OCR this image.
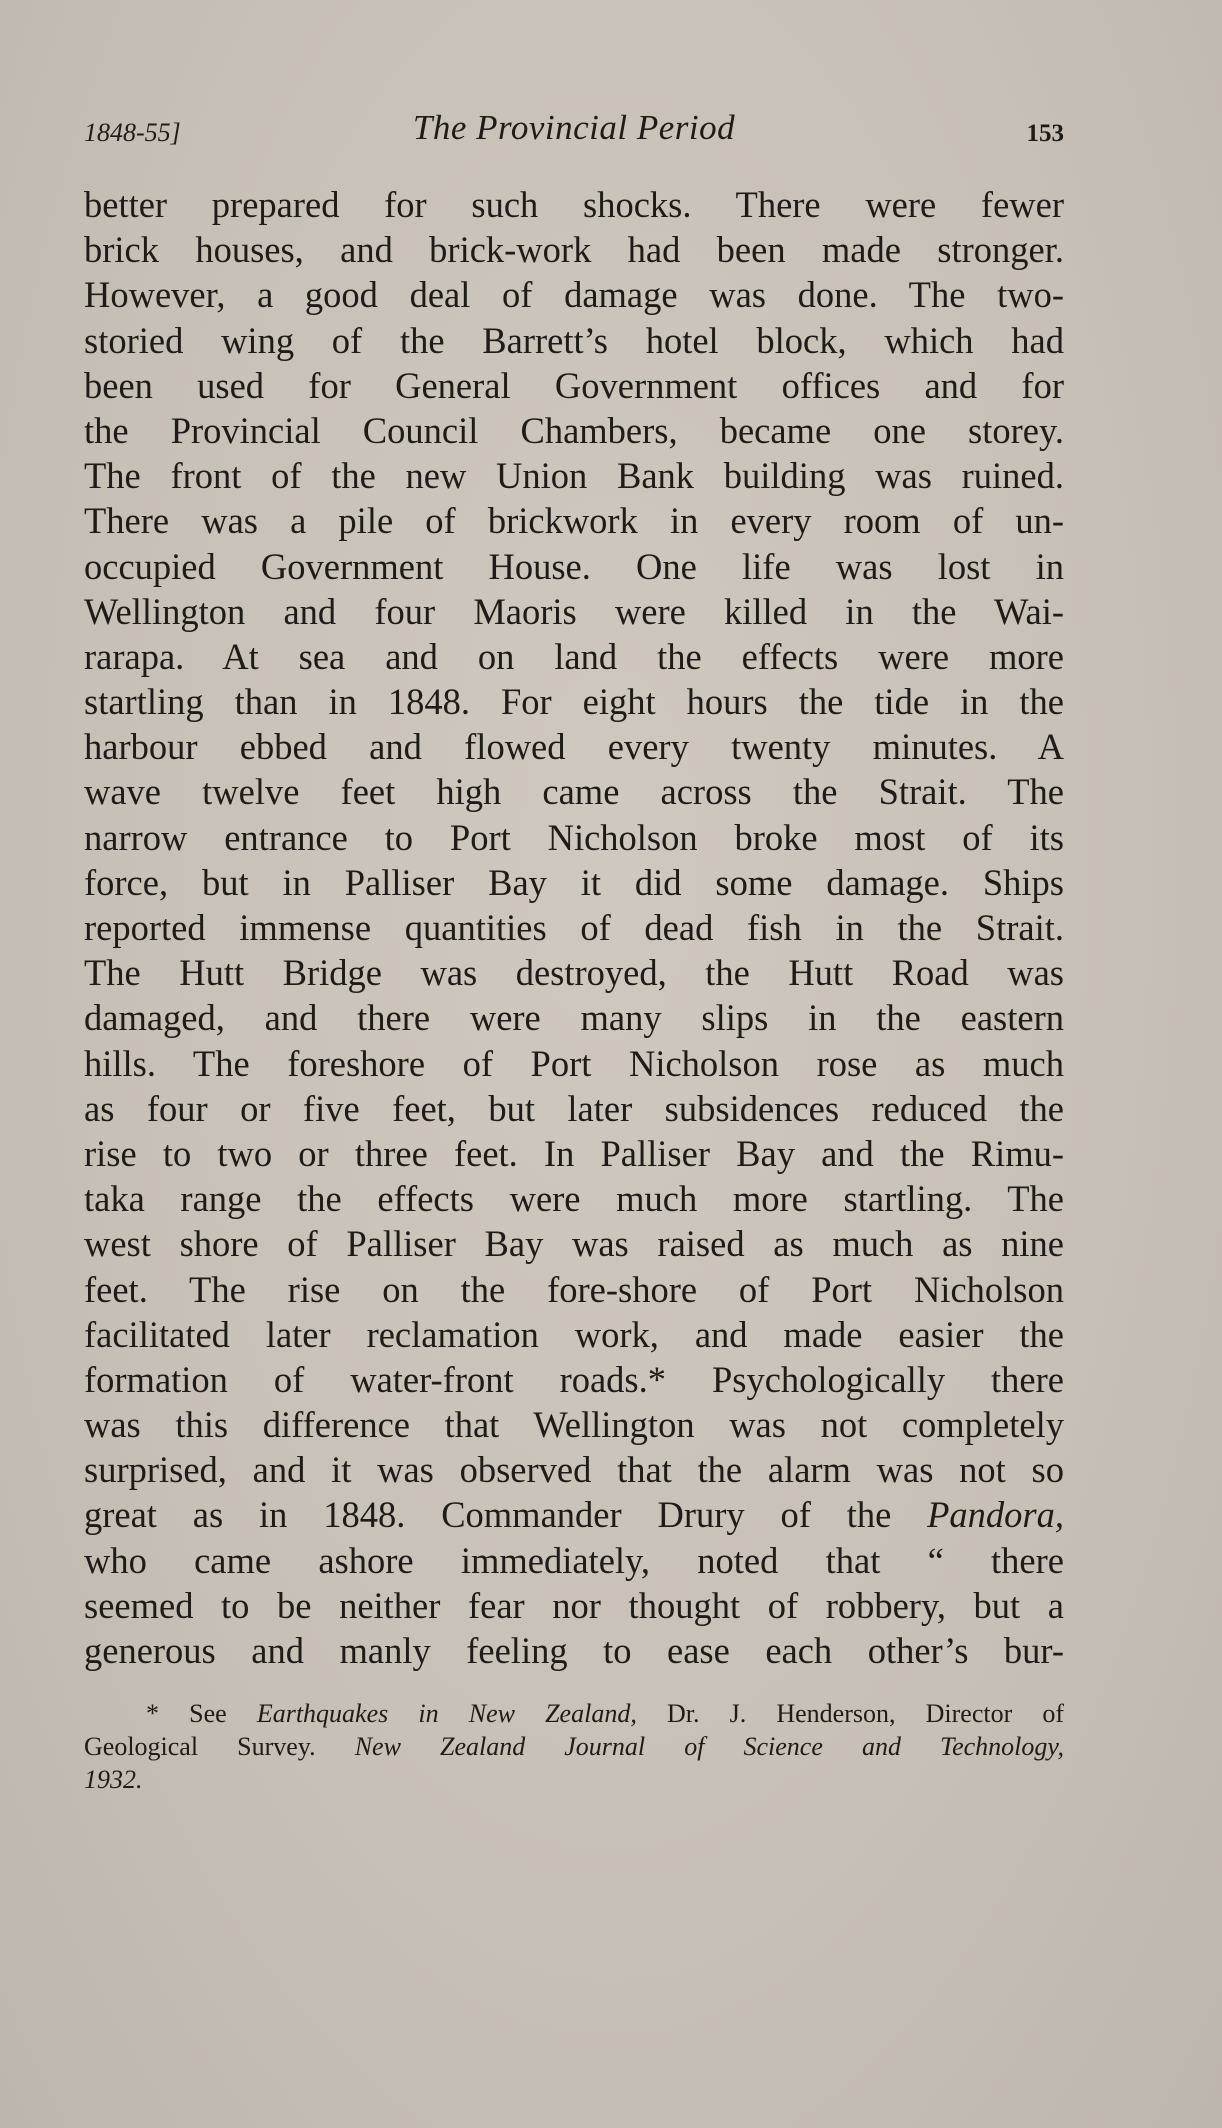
1848-55]	The Provincial Period	153
better prepared for such shocks. There were fewer
brick houses, and brick-work had been made stronger.
However, a good deal of damage was done. The two-
storied wing of the Barrett’s hotel block, which had
been used for General Government offices and for
the Provincial Council Chambers, became one storey.
The front of the new Union Bank building was ruined.
There was a pile of brickwork in every room of un-
occupied Government House. One life was lost in
Wellington and four Maoris were killed in the Wai-
rarapa. At sea and on land the effects were more
startling than in 1848. For eight hours the tide in the
harbour ebbed and flowed every twenty minutes. A
wave twelve feet high came across the Strait. The
narrow entrance to Port Nicholson broke most of its
force, but in Palliser Bay it did some damage. Ships
reported immense quantities of dead fish in the Strait.
The Hutt Bridge was destroyed, the Hutt Road was
damaged, and there were many slips in the eastern
hills. The foreshore of Port Nicholson rose as much
as four or five feet, but later subsidences reduced the
rise to two or three feet. In Palliser Bay and the Rimu-
taka range the effects were much more startling. The
west shore of Palliser Bay was raised as much as nine
feet. The rise on the fore-shore of Port Nicholson
facilitated later reclamation work, and made easier the
formation of water-front roads.* Psychologically there
was this difference that Wellington was not completely
surprised, and it was observed that the alarm was not so
great as in 1848. Commander Drury of the Pandora,
who came ashore immediately, noted that “ there
seemed to be neither fear nor thought of robbery, but a
generous and manly feeling to ease each other’s bur-
* See Earthquakes in New Zealand, Dr. J. Henderson, Director of
Geological Survey. New Zealand Journal of Science and Technology,
1932.
